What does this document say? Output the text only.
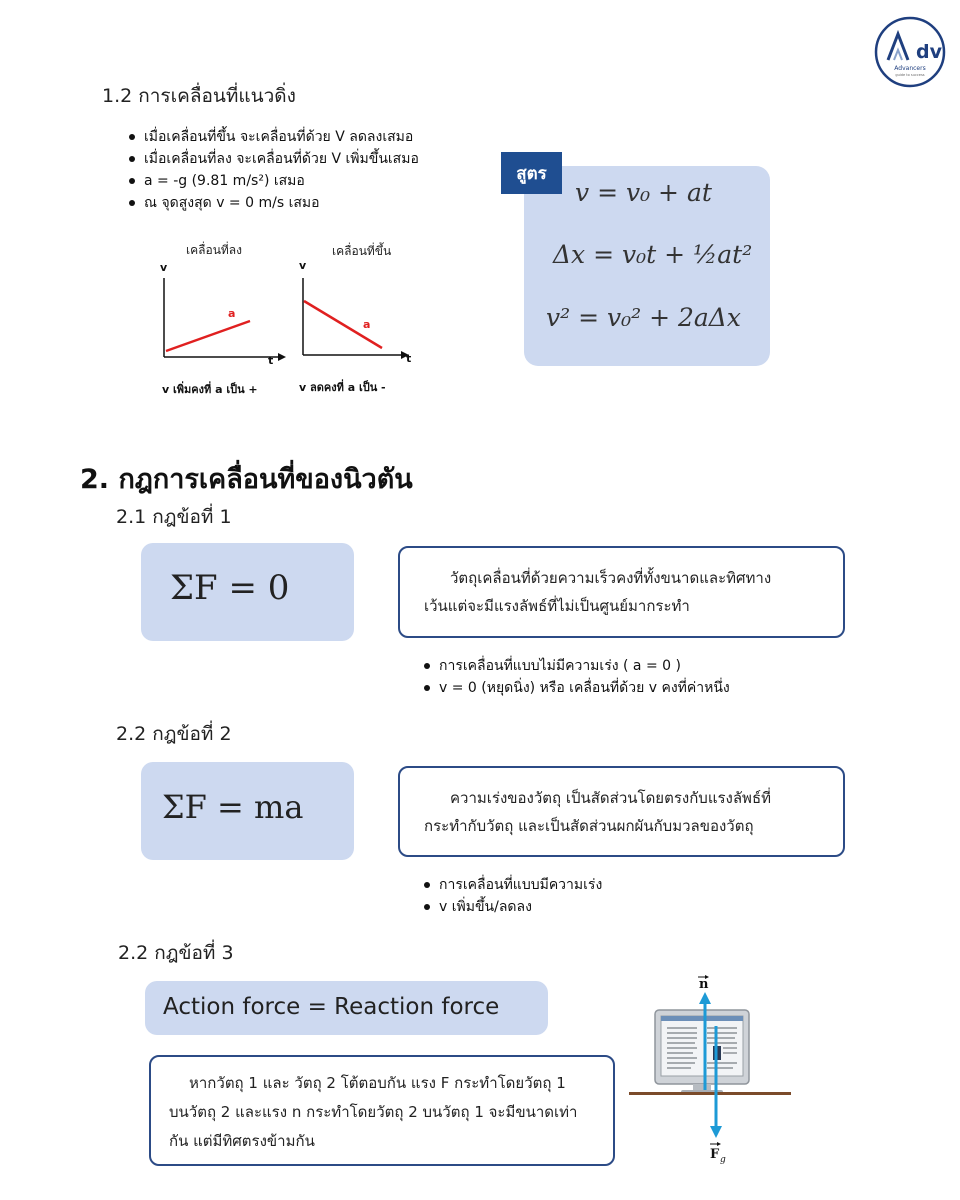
dv
Advancers
guide to success
1.2 การเคลื่อนที่แนวดิ่ง
เมื่อเคลื่อนที่ขึ้น จะเคลื่อนที่ด้วย V ลดลงเสมอ
เมื่อเคลื่อนที่ลง จะเคลื่อนที่ด้วย V เพิ่มขึ้นเสมอ
a = -g (9.81 m/s²) เสมอ
ณ จุดสูงสุด v = 0 m/s เสมอ
เคลื่อนที่ลง
v
t
a
v เพิ่มคงที่ a เป็น +
เคลื่อนที่ขึ้น
v
t
a
v ลดคงที่ a เป็น -
สูตร
v = v₀ + at
Δx = v₀t + ½at²
v² = v₀² + 2aΔx
2. กฎการเคลื่อนที่ของนิวตัน
2.1 กฎข้อที่ 1
ΣF = 0	วัตถุเคลื่อนที่ด้วยความเร็วคงที่ทั้งขนาดและทิศทาง
เว้นแต่จะมีแรงลัพธ์ที่ไม่เป็นศูนย์มากระทำ
การเคลื่อนที่แบบไม่มีความเร่ง ( a = 0 )
v = 0 (หยุดนิ่ง) หรือ เคลื่อนที่ด้วย v คงที่ค่าหนึ่ง
2.2 กฎข้อที่ 2
ΣF = ma	ความเร่งของวัตถุ เป็นสัดส่วนโดยตรงกับแรงลัพธ์ที่
กระทำกับวัตถุ และเป็นสัดส่วนผกผันกับมวลของวัตถุ
การเคลื่อนที่แบบมีความเร่ง
v เพิ่มขึ้น/ลดลง
2.2 กฎข้อที่ 3
Action force = Reaction force
หากวัตถุ 1 และ วัตถุ 2 โต้ตอบกัน แรง F กระทำโดยวัตถุ 1
บนวัตถุ 2 และแรง n กระทำโดยวัตถุ 2 บนวัตถุ 1 จะมีขนาดเท่า
กัน แต่มีทิศตรงข้ามกัน
n
F g
